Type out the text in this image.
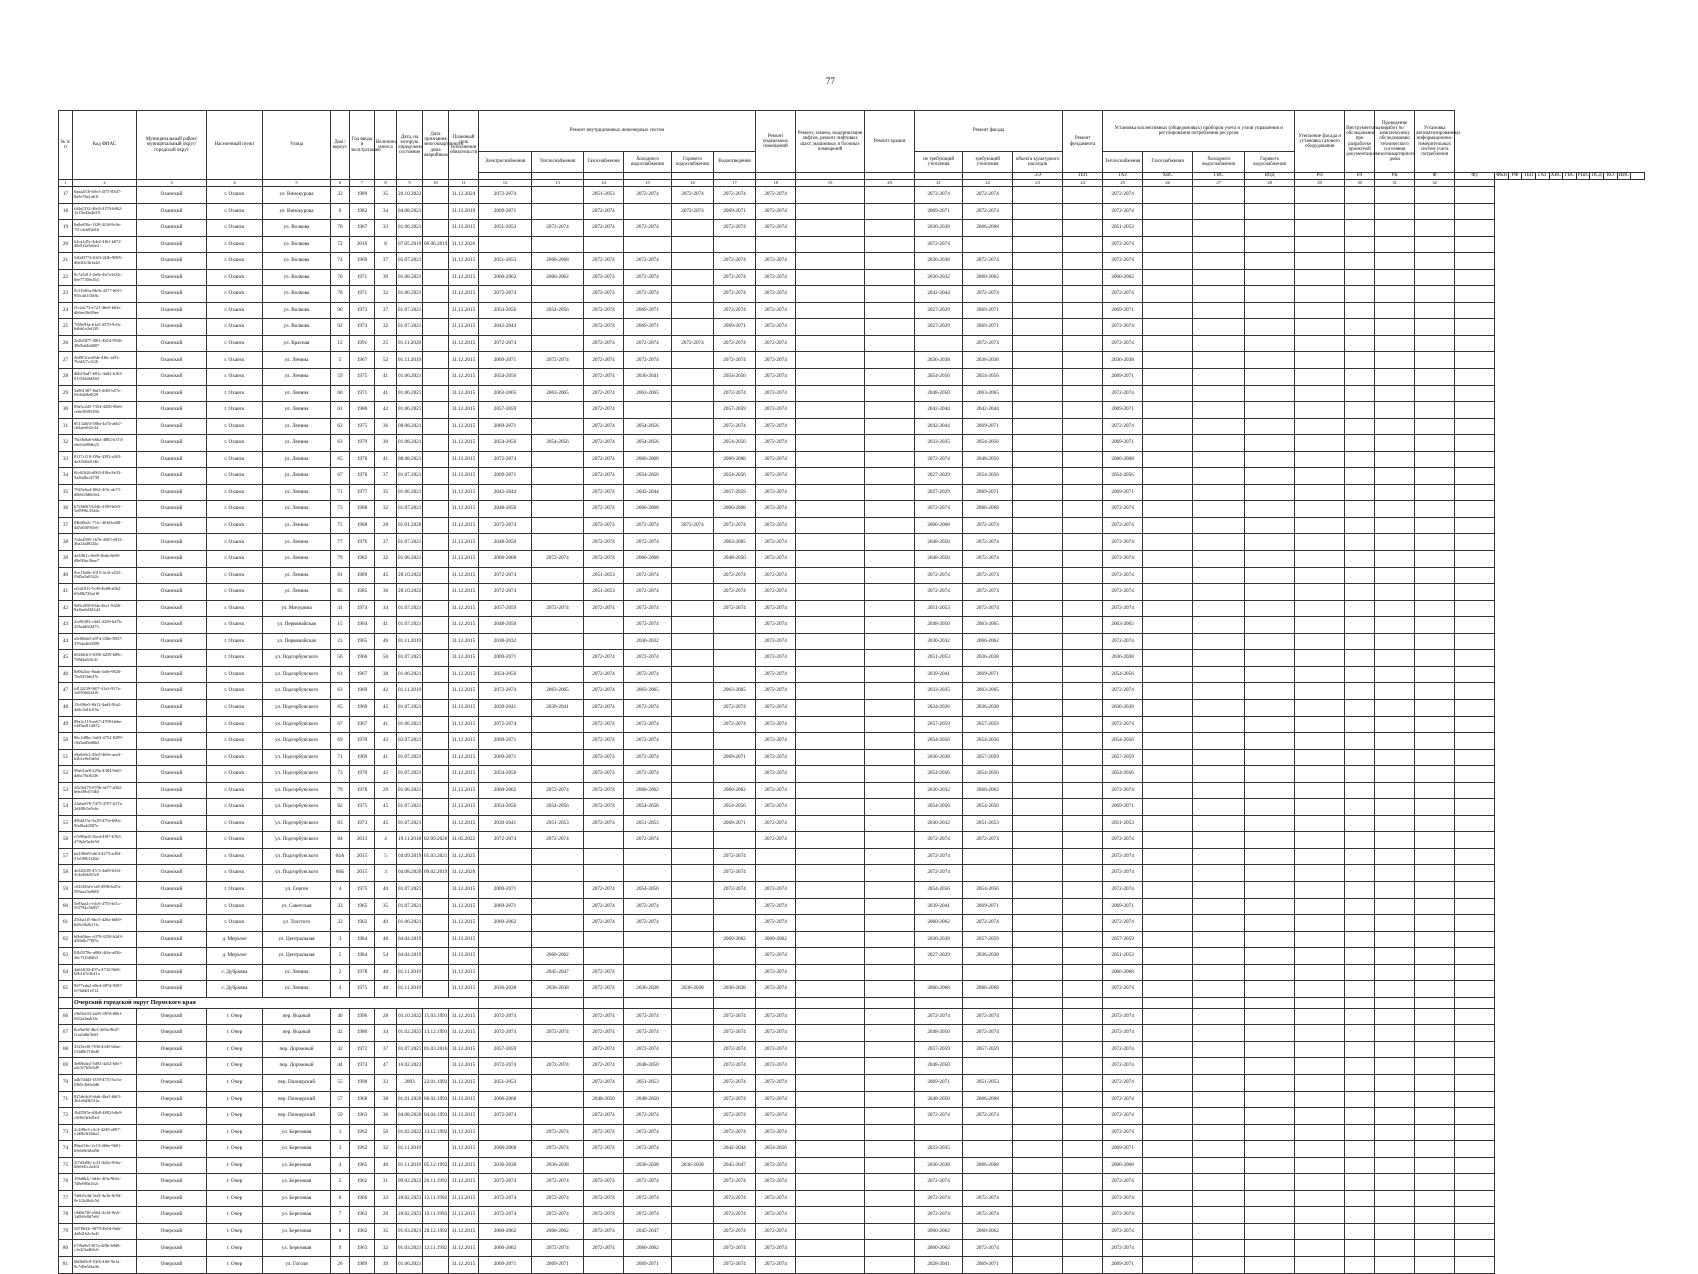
77
№ п/п	Код ФИАС	Муниципальный район/муниципальный округ/городской округ	Населенный пункт	Улица	Дом / корпус	Год ввода в эксплуатацию	Величина износа	Дата, на которую определено состояние	Дата признания многоквартирного дома аварийным	Плановый срок исполнения обязательств	Ремонт внутридомовых инженерных систем						Ремонт подвальных помещений	Ремонт, замена, модернизация лифтов, ремонт лифтовых шахт, машинных и блочных помещений	Ремонт крыши	Ремонт фасада			Ремонт фундамента	Установка коллективных (общедомовых) приборов учета и узлов управления и регулирования потребления ресурсов				Утепление фасада и установка газового оборудования	Инструментальное обследование при разработке проектной документации	Проведение работ по комплексному обследованию технического состояния многоквартирного дома	Установка автоматизированных информационно-измерительных систем учета потребления												
											Электроснабжения	Теплоснабжения	Газоснабжения	Холодного водоснабжения	Горячего водоснабжения	Водоотведения				не требующий утепления	требующий утепления	объекта культурного наследия		Теплоснабжения	Газоснабжения	Холодного водоснабжения	Горячего водоснабжения																
																						ЭЭ	ТЕП	ГАЗ	ХВС	ГВС	ВОД	РП	РЛ	РК	Ф	Фу	ФКН	РФ	ТЕП	ГАЗ	ХВС	ГВС	РШС	ПСД	КО	ИИС	
1	2	3	4	5	6	7	8	9	10	11	12	13	14	15	16	17	18	19	20	21	22	23	24	25	26	27	28	29	30	31	32												
17	6aaa2f16-b0e3-4f75-83d7-0a5e76a1a61f	Оханский	г. Оханск	ул. Винокурова	32	1989	35	20.10.2022		31.12.2024	2072-2074		2051-2053	2072-2074	2072-2074	2072-2074	2072-2074			2072-2074	2072-2074			2072-2074																			
18	fd4a1332-46c8-4170-b862-1e15b43a4d18	Оханский	г. Оханск	ул. Винокурова	6	1982	34	04.08.2021		31.12.2019	2069-2071		2072-2074		2072-2074	2069-2071	2072-2074			2069-2071	2072-2074			2072-2074																			
19	0a8ed56c-1f28-4f3d-9c0e-7f1c4cb83d1b	Оханский	г. Оханск	ул. Волкова	70	1967	33	01.06.2021		31.12.2015	2051-2053	2072-2074	2072-2074	2072-2074		2072-2074	2072-2074			2036-2038	2066-2068			2051-2053																			
20	b2ca1d5c-4de2-4fb1-b072-d8d1f2a5e6e4	Оханский	г. Оханск	ул. Волкова	72	2016	8	07.05.2019	06.06.2019	31.12.2026										2072-2074				2072-2074																			
21	5d0d3774-63f3-4f2b-9085-d6e20c3b1a2d	Оханский	г. Оханск	ул. Волкова	74	1969	37	05.07.2021		31.12.2015	2051-2053	2066-2068	2072-2074	2072-2074		2072-2074	2072-2074			2036-2038	2072-2074			2072-2074																			
22	9c7a5d12-4a9e-4b7a-b03c-6ee7730fe2b3	Оханский	г. Оханск	ул. Волкова	76	1971	39	01.08.2021		31.12.2015	2060-2062	2060-2062	2072-2074	2072-2074		2072-2074	2072-2074			2030-2032	2060-2062			2060-2062																			
23	9c51b81a-8b1b-4277-b0f1-95fc4d1f3d3b	Оханский	г. Оханск	ул. Волкова	78	1971	32	01.06.2021		31.12.2015	2072-2074		2072-2074	2072-2074		2072-2074	2072-2074			2042-2044	2072-2074			2072-2074																			
24	f1c2a173-e721-4be0-b62e-db6ee2bf49ee	Оханский	г. Оханск	ул. Волкова	90	1973	37	01.07.2021		31.12.2015	2054-2056	2054-2056	2072-2074	2069-2071		2072-2074	2072-2074			2027-2029	2069-2071			2069-2071																			
25	7f69e93a-b1a5-4379-9cfb-6dbb1e2ef2f0	Оханский	г. Оханск	ул. Волкова	92	1974	32	01.07.2021		31.12.2015	2042-2044		2072-2074	2069-2071		2069-2071	2072-2074			2027-2029	2069-2071			2072-2074																			
26	2e2b5877-08f1-4b54-9536-38d5af4d4007	Оханский	г. Оханск	ул. Красная	12	1991	25	01.11.2020		31.12.2015	2072-2074		2072-2074	2072-2074	2072-2074	2072-2074	2072-2074				2072-2074			2072-2074																			
27	4fd9f31a-d0de-4f6c-af53-7bfd2f7c1f26	Оханский	г. Оханск	ул. Ленина	5	1967	52	01.11.2019		31.12.2015	2069-2071	2072-2074	2072-2074	2072-2074		2072-2074	2072-2074			2036-2038	2036-2038			2036-2038																			
28	d6b19ad7-b81c-4a82-b163-01f53d4fd384	Оханский	г. Оханск	ул. Ленина	59	1975	41	01.06.2021		31.12.2015	2054-2056		2072-2074	2030-2041		2054-2056	2072-2074			2054-2056	2054-2056			2069-2071																			
29	5a961387-8af3-4f65-b57e-f0cb4a9e0f29	Оханский	г. Оханск	ул. Ленина	60	1971	41	01.06.2021		31.12.2015	2063-2065	2063-2065	2072-2074	2063-2065		2072-2074	2072-2074			2048-2050	2063-2065			2072-2074																			
30	09a5c2d5-7354-4206-90e6-ce6e30f95394	Оханский	г. Оханск	ул. Ленина	61	1980	42	01.06.2021		31.12.2015	2057-2059		2072-2074			2057-2059	2072-2074			2042-2044	2042-2044			2069-2071																			
31	85132bf0-588a-4a7b-a6b7-c62aee0f2c34	Оханский	г. Оханск	ул. Ленина	62	1975	36	08.08.2021		31.12.2015	2069-2071		2072-2074	2054-2056		2072-2074	2072-2074			2042-2044	2069-2071			2072-2074																			
32	76c0b0a6-b6b2-4882-b374-ebef4a90db25	Оханский	г. Оханск	ул. Ленина	63	1979	30	01.08.2021		31.12.2015	2054-2056	2054-2056	2072-2074	2054-2056		2054-2056	2072-2074			2033-2035	2054-2056			2069-2071																			
33	8117c118-f39a-4392-a3f0-4a3f32bd1f4b	Оханский	г. Оханск	ул. Ленина	65	1976	41	08.08.2021		31.12.2015	2072-2074		2072-2074	2066-2068		2066-2068	2072-2074			2072-2074	2048-2050			2066-2068																			
34	0fc61b26-d063-4f0a-8e33-5a36dbcf4730	Оханский	г. Оханск	ул. Ленина	67	1976	37	01.07.2021		31.12.2015	2069-2071		2072-2074	2054-2056		2054-2056	2072-2074			2027-2029	2054-2056			2054-2056																			
35	7045e6a4-f062-4f3c-ab73-d8eb03d0e3e2	Оханский	г. Оханск	ул. Ленина	71	1977	35	01.06.2021		31.12.2015	2042-2044		2072-2074	2042-2044		2057-2059	2072-2074			2027-2029	2069-2071			2069-2071																			
36	b726b9f5-bf4b-4189-b0f3-5e0996c35d4c	Оханский	г. Оханск	ул. Ленина	73	1988	32	01.07.2021		31.12.2015	2048-2050		2072-2074	2066-2068		2066-2068	2072-2074			2072-2074	2066-2068			2072-2074																			
37	04b00a2c-71fc-4f0d-bd48-4d5a03f9f3e0	Оханский	г. Оханск	ул. Ленина	75	1988	28	01.01.2020		31.12.2015	2072-2074		2072-2074	2072-2074	2072-2074	2072-2074	2072-2074			2066-2068	2072-2074			2072-2074																			
38	7c0e4505-1b7b-4585-a932-3ba2fa482f2a	Оханский	г. Оханск	ул. Ленина	77	1976	37	01.07.2021		31.12.2015	2048-2050		2072-2074	2072-2074		2063-2065	2072-2074			2048-2050	2072-2074			2072-2074																			
39	4a3f8f1c-0ef8-4bda-8e09-d8e90ac3bee7	Оханский	г. Оханск	ул. Ленина	79	1982	32	01.08.2021		31.12.2015	2066-2068	2072-2074	2072-2074	2066-2068		2048-2050	2072-2074			2048-2050	2072-2074			2072-2074																			
40	0ce13b8e-1015-4c3f-a525-f9d5a5a6542c	Оханский	г. Оханск	ул. Ленина	81	1989	45	28.10.2022		31.12.2015	2072-2074		2051-2053	2072-2074		2072-2074	2072-2074			2072-2074	2072-2074			2072-2074																			
41	ef2d181f-7e39-4b08-a062-65d8b726a1f0	Оханский	г. Оханск	ул. Ленина	85	1985	36	28.10.2022		31.12.2015	2072-2074		2051-2053	2072-2074		2072-2074	2072-2074			2072-2074	2072-2074			2072-2074																			
42	9d9c4f58-f04a-4bc1-8456-9a3ba6d3d1d4	Оханский	г. Оханск	ул. Мичурина	41	1974	34	01.07.2021		31.12.2015	2057-2059	2072-2074	2072-2074	2072-2074		2072-2074	2072-2074			2051-2053	2072-2074			2072-2074																			
43	2ce8f493-c4d2-4258-b47b-2f9a4d0f2d73	Оханский	г. Оханск	ул. Первомайская	15	1964	41	01.07.2021		31.12.2015	2048-2050			2072-2074			2072-2074			2048-2050	2063-2065			2063-2065																			
44	a5c86bb5-a974-438e-8937-376da4fd3589	Оханский	г. Оханск	ул. Первомайская	23	1965	46	01.11.2019		31.12.2015	2030-2032			2030-2032			2072-2074			2030-2032	2060-2062			2072-2074																			
45	b046b3f3-3050-4259-b89c-7f8d4a6f3c2f	Оханский	г. Оханск	ул. Подгорбунского	56	1966	56	01.07.2021		31.12.2015	2069-2071		2072-2074	2072-2074			2072-2074			2051-2053	2036-2038			2036-2038																			
46	8d9b2fac-8aab-4a0e-9826-7bd5f3fde37e	Оханский	г. Оханск	ул. Подгорбунского	61	1967	38	01.06.2021		31.12.2015	2054-2056		2072-2074	2072-2074			2072-2074			2039-2041	2069-2071			2054-2056																			
47	fd122f29-9f07-41a3-917a-1e059fd2a1f6	Оханский	г. Оханск	ул. Подгорбунского	63	1969	42	01.11.2019		31.12.2015	2072-2074	2063-2065	2072-2074	2063-2065		2063-2065	2072-2074			2033-2035	2063-2065			2072-2074																			
48	13c0f6e5-6b12-4ad4-9fa2-4d4c3a1b1f5e	Оханский	г. Оханск	ул. Подгорбунского	65	1969	45	01.07.2021		31.12.2015	2039-2041	2039-2041	2072-2074	2072-2074		2072-2074	2072-2074			2024-2026	2036-2038			2036-2038																			
49	89a3c119-ae67-4709-b6be-e3d5ad114d72	Оханский	г. Оханск	ул. Подгорбунского	67	1967	41	01.06.2021		31.12.2015	2072-2074		2072-2074	2072-2074		2072-2074	2072-2074			2057-2059	2057-2059			2072-2074																			
50	06c1d8bc-3a63-4752-8299-c9a5ad0ad6b3	Оханский	г. Оханск	ул. Подгорбунского	69	1970	43	02.07.2021		31.12.2015	2069-2071		2072-2074	2072-2074			2072-2074			2054-2056	2054-2056			2054-2056																			
51	e9a0a9e2-45e9-4b9e-aea3-b2b1e0ef3a64	Оханский	г. Оханск	ул. Подгорбунского	71	1969	41	01.07.2021		31.12.2015	2069-2071		2072-2074	2072-2074		2069-2071	2072-2074			2036-2038	2057-2059			2057-2059																			
52	99a01ae8-229a-4384-9a61-dd6c76c0f2f6	Оханский	г. Оханск	ул. Подгорбунского	73	1970	45	01.07.2021		31.12.2015	2054-2056		2072-2074	2072-2074			2072-2074			2054-2056	2054-2056			2054-2056																			
53	2fb16475-670b-4e77-a002-b6e4f9c07db3	Оханский	г. Оханск	ул. Подгорбунского	79	1978	29	01.08.2021		31.12.2015	2060-2062	2072-2074	2072-2074	2060-2062		2060-2062	2072-2074			2030-2032	2060-2062			2072-2074																			
54	22aba676-7475-4707-b37a-2d4f0b5e5c6c	Оханский	г. Оханск	ул. Подгорбунского	82	1975	45	01.07.2021		31.12.2015	2054-2056	2054-2056	2072-2074	2054-2056		2054-2056	2072-2074			2054-2056	2054-2056			2069-2071																			
55	d9f4d15e-3a29-475e-b90c-9fa8fa4d587e	Оханский	г. Оханск	ул. Подгорбунского	83	1973	45	01.07.2021		31.12.2015	2039-2041	2051-2053	2072-2074	2051-2053		2069-2071	2072-2074			2030-2032	2051-2053			2051-2053																			
56	e7e98ad5-2bcd-4f97-b7b3-d7fb2e5a4e5d	Оханский	г. Оханск	ул. Подгорбунского	84	2013	4	19.11.2018	02.09.2020	31.05.2022	2072-2074	2072-2074		2072-2074			2072-2074			2072-2074	2072-2074			2072-2074																			
57	bd108ef9-a6f4-4273-ad94-51e0f9b1f26d	Оханский	г. Оханск	ул. Подгорбунского	84А	2015	5	04.09.2019	05.03.2021	31.12.2025						2072-2074				2072-2074				2072-2074																			
58	4e3261f8-47c5-4a69-b33f-3c4e4bb5f5c8	Оханский	г. Оханск	ул. Подгорбунского	86Б	2015	3	04.08.2020	09.02.2019	31.12.2026						2072-2074				2072-2074				2072-2074																			
59	c02f45fd-e1a8-499b-bd7a-593ea23a960f	Оханский	г. Оханск	ул. Сергея	4	1975	40	01.07.2021		31.12.2015	2069-2071		2072-2074	2054-2056		2072-2074	2072-2074			2054-2056	2054-2056			2072-2074																			
60	5e93aa1c-e3c6-4755-bf1c-5f3794c3b957	Оханский	г. Оханск	ул. Советская	33	1965	35	01.07.2021		31.12.2015	2069-2071		2072-2074	2072-2074			2072-2074			2039-2041	2069-2071			2069-2071																			
61	25cba1f5-6bc5-426a-b6b9-bd3c0b2b1f1c	Оханский	г. Оханск	ул. Толстого	32	1962	40	01.06.2021		31.12.2015	2060-2062		2072-2074	2072-2074			2072-2074			2060-2062	2072-2074			2072-2074																			
62	b0bb5bec-c079-4250-b2d3-d56bfb778f5c	Оханский	д. Мерзлое	ул. Центральная	3	1984	48	04.04.2019		31.12.2015						2060-2062	2060-2062			2036-2038	2057-2059			2057-2059																			
63	82b5578e-a884-4f4e-a03b-26c7f1f4f4b3	Оханский	д. Мерзлое	ул. Центральная	5	1984	54	04.04.2019		31.12.2015		2060-2062					2072-2074			2027-2029	2036-2038			2051-2053																			
64	4a6f4f30-497a-4732-9bf6-b9b1b7e3b11a	Оханский	с. Дубровка	ул. Ленина	2	1978	40	01.11.2019		31.12.2015		2045-2047	2072-2074				2072-2074							2066-2068																			
65	9d77eda2-d0e4-487d-9587-fe76d4f1e512	Оханский	с. Дубровка	ул. Ленина	4	1975	40	01.11.2019		31.12.2015	2036-2038	2036-2038	2072-2074	2036-2038	2036-2038	2036-2038	2072-2074			2066-2068	2066-2068			2072-2074																			
	Очерский городской округ Пермского края																																										
66	e5b92e33-4a95-497d-86b1-fb52a3aab3fe	Очерский	г. Очер	пер. Водный	40	1996	28	03.10.2022	15.03.1993	31.12.2015	2072-2074		2072-2074	2072-2074		2072-2074	2072-2074			2072-2074	2072-2074			2072-2074																			
67	8ce9af6f-4bcf-4d5a-8b47-f1aa3dbf3e63	Очерский	г. Очер	пер. Водный	42	1980	34	01.02.2023	13.12.1993	31.12.2015	2072-2074	2072-2074	2072-2074	2072-2074		2072-2074	2072-2074			2048-2050	2072-2074			2072-2074																			
68	3525ecf6-7f06-4345-b0ae-f33d8b71f6d8	Очерский	г. Очер	пер. Дорожный	42	1972	37	01.07.2021	01.03.2016	31.12.2015	2057-2059		2072-2074	2072-2074		2072-2074	2072-2074			2057-2059	2057-2059			2072-2074																			
69	3e88b4e2-5d03-4a52-b0e7-a2c3f7b5e3d9	Очерский	г. Очер	пер. Дорожный	44	1974	47	16.02.2023		31.12.2015	2072-2074	2072-2074	2072-2074	2048-2050		2072-2074	2072-2074			2048-2050				2072-2074																			
70	a4b7d4d3-f339-4751-bc5a-f0b5c3b0e4d6	Очерский	г. Очер	пер. Пионерский	55	1990	33	2003	22.01.1993	31.12.2015	2051-2053		2072-2074	2051-2053		2072-2074	2072-2074			2069-2071	2051-2053			2072-2074																			
71	825de4c0-bfab-4ba5-b6f3-2b1e8d3b5f1a	Очерский	г. Очер	пер. Пионерский	57	1968	38	01.01.2020	06.02.1993	31.12.2015	2066-2068		2048-2050	2048-2050		2072-2074	2072-2074			2048-2050	2066-2068			2072-2074																			
72	1b455f5e-d3b8-4882-b8e9-c5f8e1b3d5e4	Очерский	г. Очер	пер. Пионерский	59	1963	36	04.08.2020	04.04.1993	31.12.2015	2072-2074		2072-2074	2072-2074		2072-2074	2072-2074			2072-2074	2072-2074			2072-2074																			
73	2c2ff9e3-c5c3-4249-a997-e1d8b3f2b6a1	Очерский	г. Очер	ул. Березовая	1	1962	50	01.02.2022	13.12.1992	31.12.2015		2072-2074	2072-2074	2072-2074		2072-2074	2072-2074							2072-2074																			
74	80aef1bc-2c13-466e-9b81-b5eb8e3fbd56	Очерский	г. Очер	ул. Березовая	3	1962	32	01.11.2019		31.12.2015	2066-2068	2072-2074	2072-2074	2072-2074		2042-2044	2054-2056			2033-2035				2069-2071																			
75	5f7d3a8b-1c41-4d2e-9f6a-b8e0d1c2a3f4	Очерский	г. Очер	ул. Березовая	4	1965	40	01.11.2019	05.12.1992	31.12.2015	2036-2038	2036-2038		2036-2038	2036-2038	2045-2047	2072-2074			2036-2038	2066-2068			2066-2068																			
76	1f9a8b2c-3d4e-4f5a-9b6c-7d8e9f0a1b2c	Очерский	г. Очер	ул. Березовая	5	1962	31	09.02.2022	26.11.1992	31.12.2015	2072-2074	2072-2074	2072-2074	2072-2074		2072-2074	2072-2074			2072-2074				2072-2074																			
77	7a6b5c4d-3e2f-4a1b-8c9d-0e1f2a3b4c5d	Очерский	г. Очер	ул. Березовая	6	1966	33	20.02.2023	12.11.1992	31.12.2015	2072-2074	2072-2074	2072-2074	2072-2074		2072-2074	2072-2074			2072-2074	2072-2074			2072-2074																			
78	c9d8e7f6-a5b4-4c3d-8e2f-1a0b9c8d7e6f	Очерский	г. Очер	ул. Березовая	7	1963	20	20.02.2023	19.11.1993	31.12.2015	2072-2074	2072-2074	2072-2074	2072-2074		2072-2074	2072-2074			2072-2074	2072-2074			2072-2074																			
79	5d78b32c-8f79-4b5d-8a6f-4a9d1b2c3e4f	Очерский	г. Очер	ул. Березовая	8	1962	35	01.03.2021	28.12.1992	31.12.2015	2060-2062	2060-2062	2072-2074	2045-2047		2072-2074	2072-2074			2060-2062	2060-2062			2072-2074																			
80	b7f9a9e5-8f7a-4f0b-b9d0-c1e2f3a4b5c6	Очерский	г. Очер	ул. Березовая	9	1963	32	01.03.2021	12.11.1992	31.12.2015	2060-2062	2072-2074	2072-2074	2060-2062		2072-2074	2072-2074			2060-2062	2072-2074			2072-2074																			
81	6b0b05c8-53f6-4f6f-9e1a-8c7d6e5f4a3b	Очерский	г. Очер	ул. Гоголя	26	1989	39	01.06.2021		31.12.2015	2069-2071	2069-2071		2069-2071		2072-2074	2072-2074			2028-2041	2069-2071			2069-2071																			
